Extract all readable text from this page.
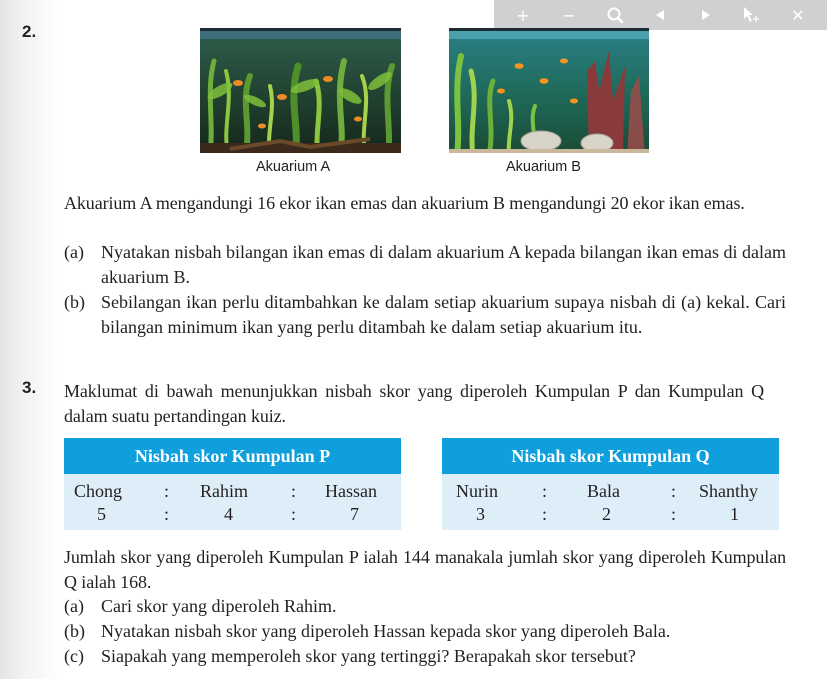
+ −	✕
2.
Akuarium A	Akuarium B
Akuarium A mengandungi 16 ekor ikan emas dan akuarium B mengandungi 20 ekor ikan emas.
(a) Nyatakan nisbah bilangan ikan emas di dalam akuarium A kepada bilangan ikan emas di dalam akuarium B.
(b) Sebilangan ikan perlu ditambahkan ke dalam setiap akuarium supaya nisbah di (a) kekal. Cari bilangan minimum ikan yang perlu ditambah ke dalam setiap akuarium itu.
3. Maklumat di bawah menunjukkan nisbah skor yang diperoleh Kumpulan P dan Kumpulan Q dalam suatu pertandingan kuiz.
Nisbah skor Kumpulan P
Chong : Rahim : Hassan
5	:	4	:	7
Nisbah skor Kumpulan Q
Nurin : Bala	: Shanthy
3	:	2	:	1
Jumlah skor yang diperoleh Kumpulan P ialah 144 manakala jumlah skor yang diperoleh Kumpulan Q ialah 168.
(a) Cari skor yang diperoleh Rahim.
(b) Nyatakan nisbah skor yang diperoleh Hassan kepada skor yang diperoleh Bala.
(c) Siapakah yang memperoleh skor yang tertinggi? Berapakah skor tersebut?
